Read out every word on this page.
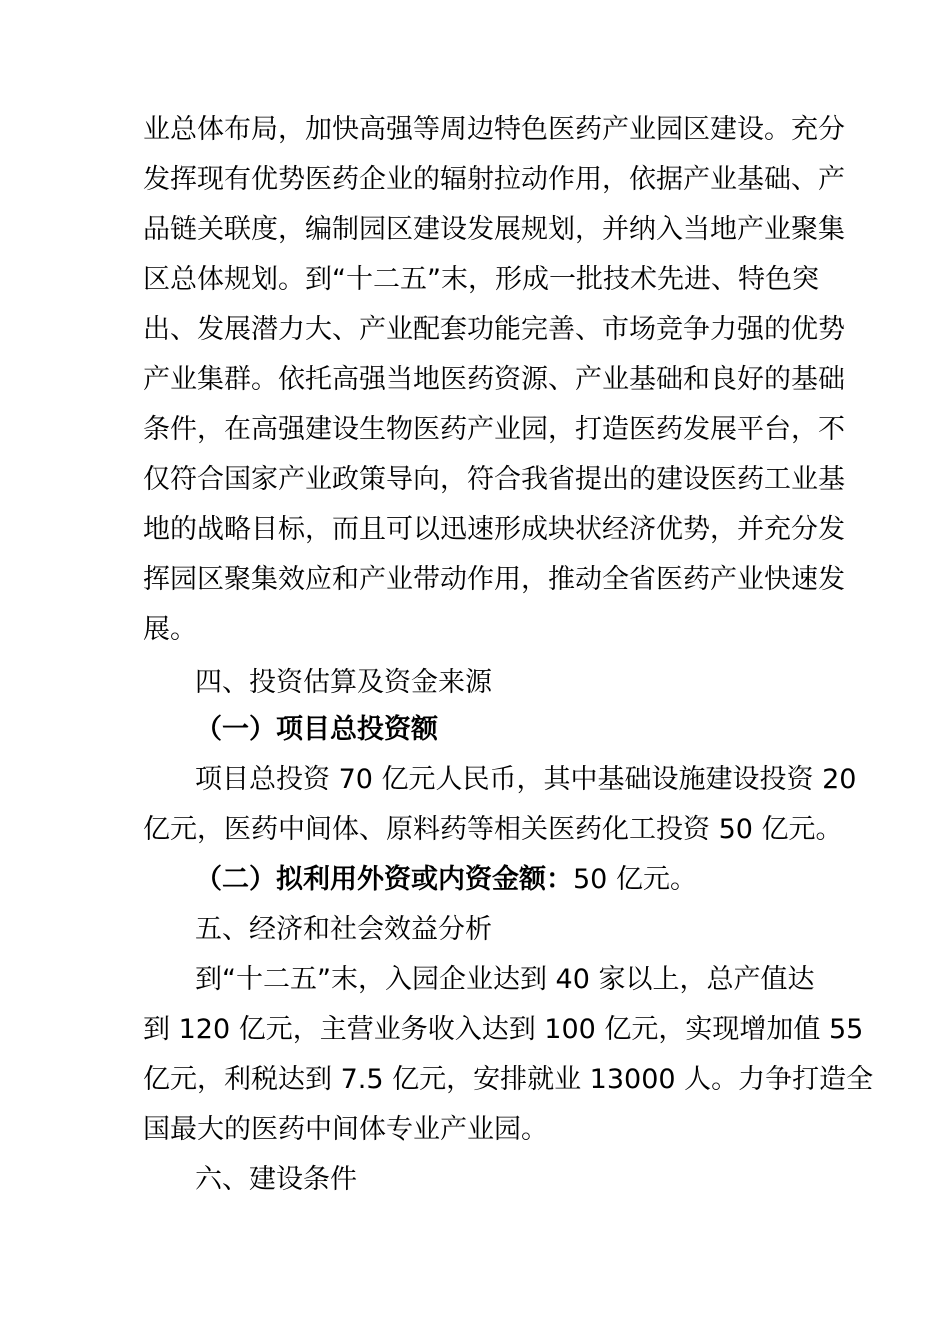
业总体布局，加快高强等周边特色医药产业园区建设。充分
发挥现有优势医药企业的辐射拉动作用，依据产业基础、产
品链关联度，编制园区建设发展规划，并纳入当地产业聚集
区总体规划。到“十二五”末，形成一批技术先进、特色突
出、发展潜力大、产业配套功能完善、市场竞争力强的优势
产业集群。依托高强当地医药资源、产业基础和良好的基础
条件，在高强建设生物医药产业园，打造医药发展平台，不
仅符合国家产业政策导向，符合我省提出的建设医药工业基
地的战略目标，而且可以迅速形成块状经济优势，并充分发
挥园区聚集效应和产业带动作用，推动全省医药产业快速发
展。
四、投资估算及资金来源
（一）项目总投资额
项目总投资 70 亿元人民币，其中基础设施建设投资 20
亿元，医药中间体、原料药等相关医药化工投资 50 亿元。
（二）拟利用外资或内资金额：50 亿元。
五、经济和社会效益分析
到“十二五”末，入园企业达到 40 家以上，总产值达
到 120 亿元，主营业务收入达到 100 亿元，实现增加值 55
亿元，利税达到 7.5 亿元，安排就业 13000 人。力争打造全
国最大的医药中间体专业产业园。
六、建设条件
